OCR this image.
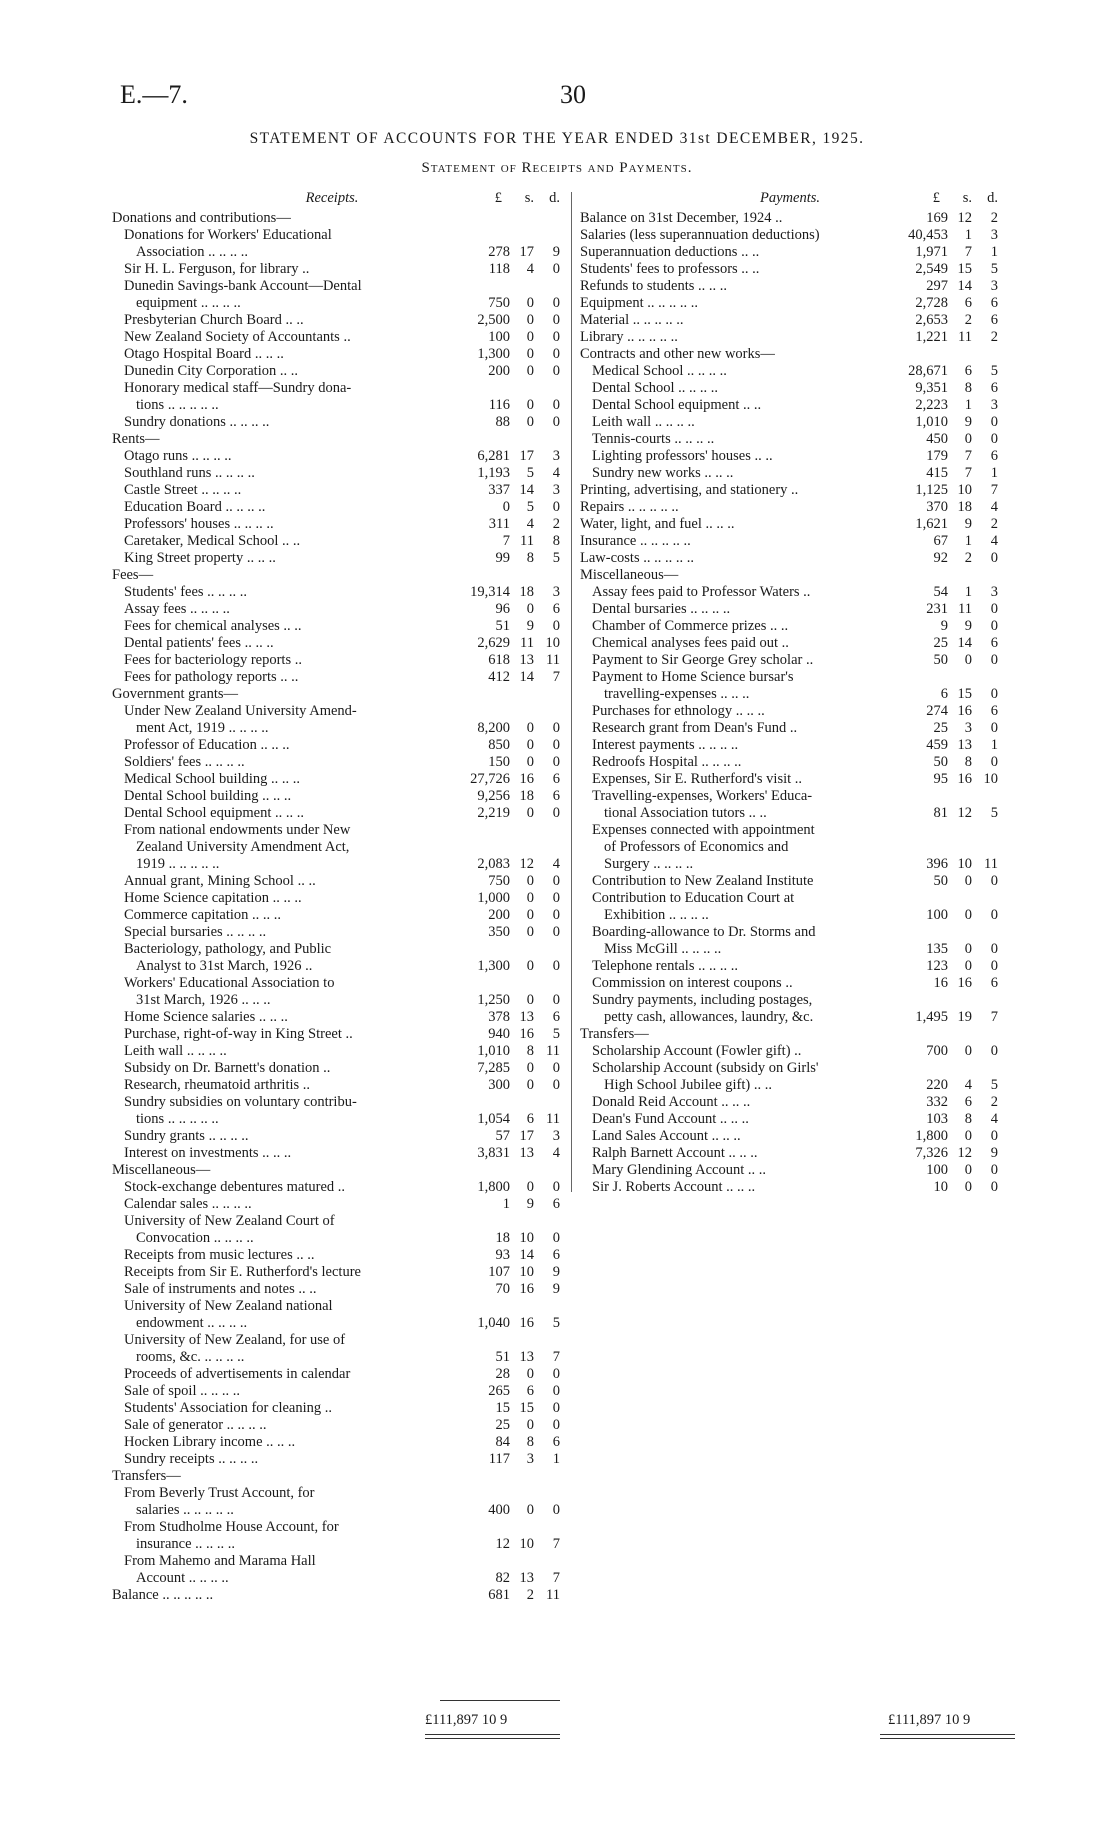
E.—7.	30
STATEMENT OF ACCOUNTS FOR THE YEAR ENDED 31st DECEMBER, 1925.
Statement of Receipts and Payments.
Receipts.	£	s.	d.
Donations and contributions—
Donations for Workers' Educational
Association .. .. .. ..	278 17	9
Sir H. L. Ferguson, for library ..	118	4	0
Dunedin Savings-bank Account—Dental
equipment .. .. .. ..	750	0	0
Presbyterian Church Board .. ..	2,500	0	0
New Zealand Society of Accountants ..	100	0	0
Otago Hospital Board .. .. ..	1,300	0	0
Dunedin City Corporation .. ..	200	0	0
Honorary medical staff—Sundry dona-
tions .. .. .. .. ..	116	0	0
Sundry donations .. .. .. ..	88	0	0
Rents—
Otago runs .. .. .. ..	6,281 17	3
Southland runs .. .. .. ..	1,193	5	4
Castle Street .. .. .. ..	337 14	3
Education Board .. .. .. ..	0	5	0
Professors' houses .. .. .. ..	311	4	2
Caretaker, Medical School .. ..	7 11	8
King Street property .. .. ..	99	8	5
Fees—
Students' fees .. .. .. ..	19,314 18	3
Assay fees .. .. .. ..	96	0	6
Fees for chemical analyses .. ..	51	9	0
Dental patients' fees .. .. ..	2,629 11 10
Fees for bacteriology reports ..	618 13 11
Fees for pathology reports .. ..	412 14	7
Government grants—
Under New Zealand University Amend-
ment Act, 1919 .. .. .. ..	8,200	0	0
Professor of Education .. .. ..	850	0	0
Soldiers' fees .. .. .. ..	150	0	0
Medical School building .. .. ..	27,726 16	6
Dental School building .. .. ..	9,256 18	6
Dental School equipment .. .. ..	2,219	0	0
From national endowments under New
Zealand University Amendment Act,
1919 .. .. .. .. ..	2,083 12	4
Annual grant, Mining School .. ..	750	0	0
Home Science capitation .. .. ..	1,000	0	0
Commerce capitation .. .. ..	200	0	0
Special bursaries .. .. .. ..	350	0	0
Bacteriology, pathology, and Public
Analyst to 31st March, 1926 ..	1,300	0	0
Workers' Educational Association to
31st March, 1926 .. .. ..	1,250	0	0
Home Science salaries .. .. ..	378 13	6
Purchase, right-of-way in King Street ..	940 16	5
Leith wall .. .. .. ..	1,010	8 11
Subsidy on Dr. Barnett's donation ..	7,285	0	0
Research, rheumatoid arthritis ..	300	0	0
Sundry subsidies on voluntary contribu-
tions .. .. .. .. ..	1,054	6 11
Sundry grants .. .. .. ..	57 17	3
Interest on investments .. .. ..	3,831 13	4
Miscellaneous—
Stock-exchange debentures matured ..	1,800	0	0
Calendar sales .. .. .. ..	1	9	6
University of New Zealand Court of
Convocation .. .. .. ..	18 10	0
Receipts from music lectures .. ..	93 14	6
Receipts from Sir E. Rutherford's lecture	107 10	9
Sale of instruments and notes .. ..	70 16	9
University of New Zealand national
endowment .. .. .. ..	1,040 16	5
University of New Zealand, for use of
rooms, &c. .. .. .. ..	51 13	7
Proceeds of advertisements in calendar	28	0	0
Sale of spoil .. .. .. ..	265	6	0
Students' Association for cleaning ..	15 15	0
Sale of generator .. .. .. ..	25	0	0
Hocken Library income .. .. ..	84	8	6
Sundry receipts .. .. .. ..	117	3	1
Transfers—
From Beverly Trust Account, for
salaries .. .. .. .. ..	400	0	0
From Studholme House Account, for
insurance .. .. .. ..	12 10	7
From Mahemo and Marama Hall
Account .. .. .. ..	82 13	7
Balance .. .. .. .. ..	681	2 11
Payments.	£	s.	d.
Balance on 31st December, 1924 ..	169 12	2
Salaries (less superannuation deductions)	40,453	1	3
Superannuation deductions .. ..	1,971	7	1
Students' fees to professors .. ..	2,549 15	5
Refunds to students .. .. ..	297 14	3
Equipment .. .. .. .. ..	2,728	6	6
Material .. .. .. .. ..	2,653	2	6
Library .. .. .. .. ..	1,221 11	2
Contracts and other new works—
Medical School .. .. .. ..	28,671	6	5
Dental School .. .. .. ..	9,351	8	6
Dental School equipment .. ..	2,223	1	3
Leith wall .. .. .. ..	1,010	9	0
Tennis-courts .. .. .. ..	450	0	0
Lighting professors' houses .. ..	179	7	6
Sundry new works .. .. ..	415	7	1
Printing, advertising, and stationery ..	1,125 10	7
Repairs .. .. .. .. ..	370 18	4
Water, light, and fuel .. .. ..	1,621	9	2
Insurance .. .. .. .. ..	67	1	4
Law-costs .. .. .. .. ..	92	2	0
Miscellaneous—
Assay fees paid to Professor Waters ..	54	1	3
Dental bursaries .. .. .. ..	231 11	0
Chamber of Commerce prizes .. ..	9	9	0
Chemical analyses fees paid out ..	25 14	6
Payment to Sir George Grey scholar ..	50	0	0
Payment to Home Science bursar's
travelling-expenses .. .. ..	6 15	0
Purchases for ethnology .. .. ..	274 16	6
Research grant from Dean's Fund ..	25	3	0
Interest payments .. .. .. ..	459 13	1
Redroofs Hospital .. .. .. ..	50	8	0
Expenses, Sir E. Rutherford's visit ..	95 16 10
Travelling-expenses, Workers' Educa-
tional Association tutors .. ..	81 12	5
Expenses connected with appointment
of Professors of Economics and
Surgery .. .. .. ..	396 10 11
Contribution to New Zealand Institute	50	0	0
Contribution to Education Court at
Exhibition .. .. .. ..	100	0	0
Boarding-allowance to Dr. Storms and
Miss McGill .. .. .. ..	135	0	0
Telephone rentals .. .. .. ..	123	0	0
Commission on interest coupons ..	16 16	6
Sundry payments, including postages,
petty cash, allowances, laundry, &c.	1,495 19	7
Transfers—
Scholarship Account (Fowler gift) ..	700	0	0
Scholarship Account (subsidy on Girls'
High School Jubilee gift) .. ..	220	4	5
Donald Reid Account .. .. ..	332	6	2
Dean's Fund Account .. .. ..	103	8	4
Land Sales Account .. .. ..	1,800	0	0
Ralph Barnett Account .. .. ..	7,326 12	9
Mary Glendining Account .. ..	100	0	0
Sir J. Roberts Account .. .. ..	10	0	0
£111,897 10 9	£111,897 10 9
